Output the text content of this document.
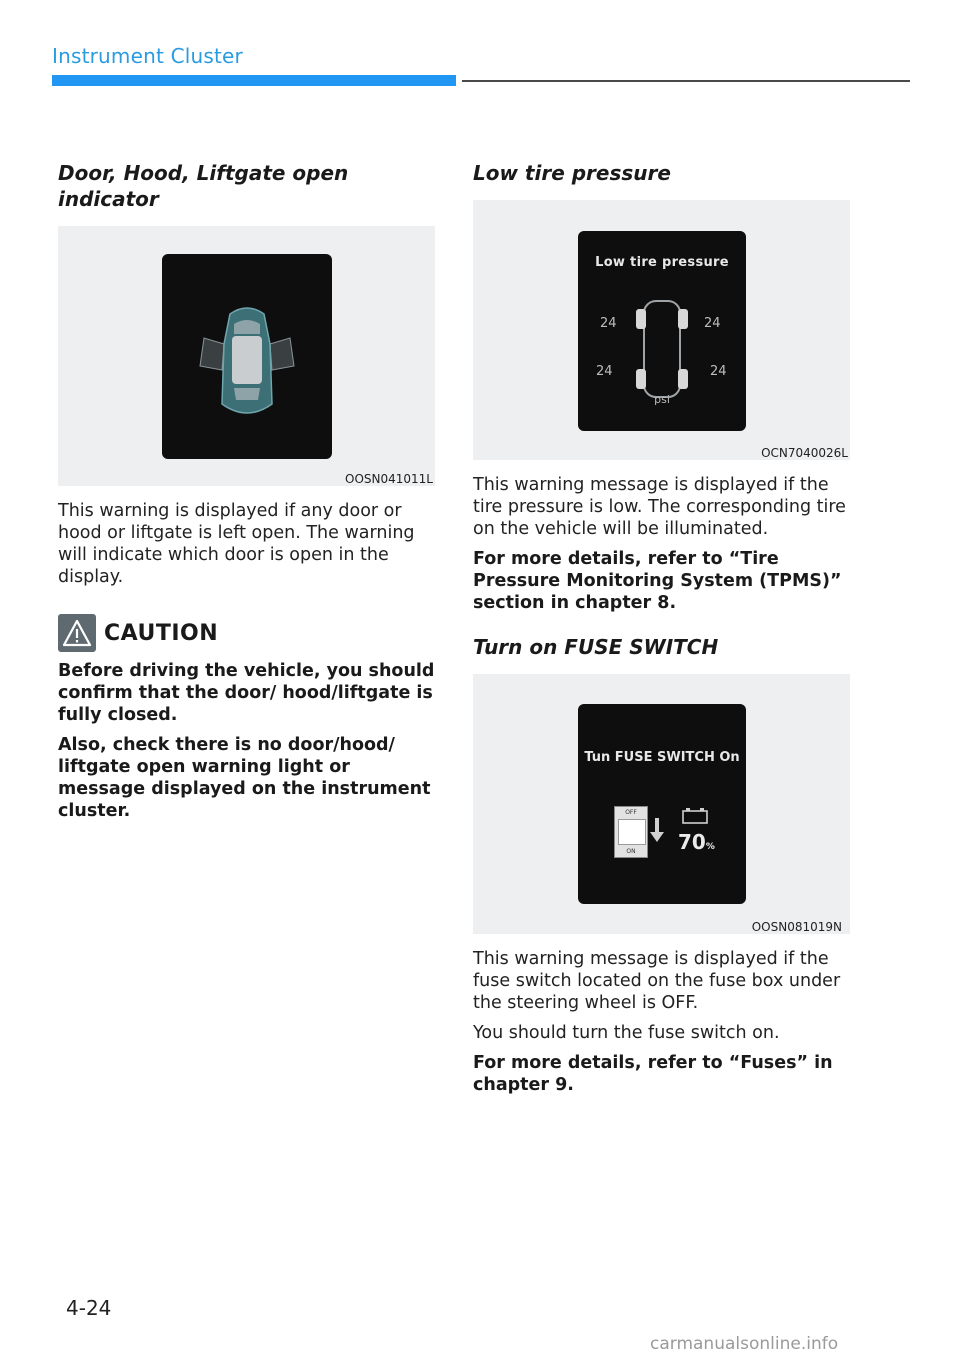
Instrument Cluster
Door, Hood, Liftgate open indicator
OOSN041011L

This warning is displayed if any door or hood or liftgate is left open. The warning will indicate which door is open in the display.

CAUTION

Before driving the vehicle, you should confirm that the door/ hood/liftgate is fully closed.

Also, check there is no door/hood/ liftgate open warning light or message displayed on the instrument cluster.

Low tire pressure
Low tire pressure
24	24
24	24
psi
OCN7040026L

This warning message is displayed if the tire pressure is low. The corresponding tire on the vehicle will be illuminated.

For more details, refer to “Tire Pressure Monitoring System (TPMS)” section in chapter 8.

Turn on FUSE SWITCH
Tun FUSE SWITCH On
OFF
ON	70%
OOSN081019N

This warning message is displayed if the fuse switch located on the fuse box under the steering wheel is OFF.

You should turn the fuse switch on.

For more details, refer to “Fuses” in chapter 9.

4-24
carmanualsonline.info
